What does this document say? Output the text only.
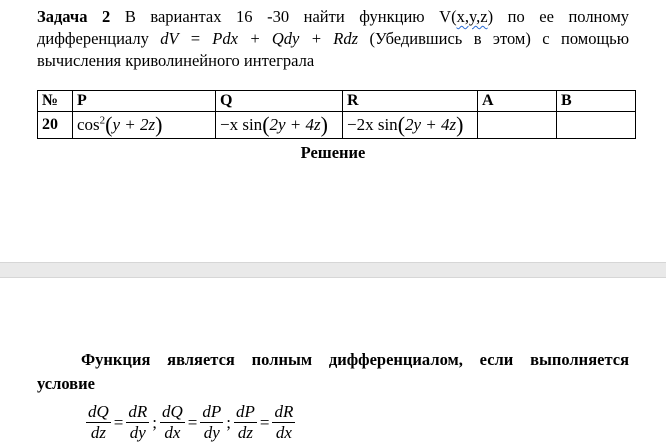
Задача 2 В вариантах 16 -30 найти функцию V(x,y,z) по ее полному
дифференциалу dV = Pdx + Qdy + Rdz (Убедившись в этом) с помощью
вычисления криволинейного интеграла
№	P	Q	R	A	B
20	$\cos^2(y + 2z)$	−x sin(2y + 4z)	−2x sin(2y + 4z)		
Решение
Функция является полным дифференциалом, если выполняется
условие
$\frac{dQ}{dz} = \frac{dR}{dy}$ ; $\frac{dQ}{dx} = \frac{dP}{dy}$ ; $\frac{dP}{dz} = \frac{dR}{dx}$
